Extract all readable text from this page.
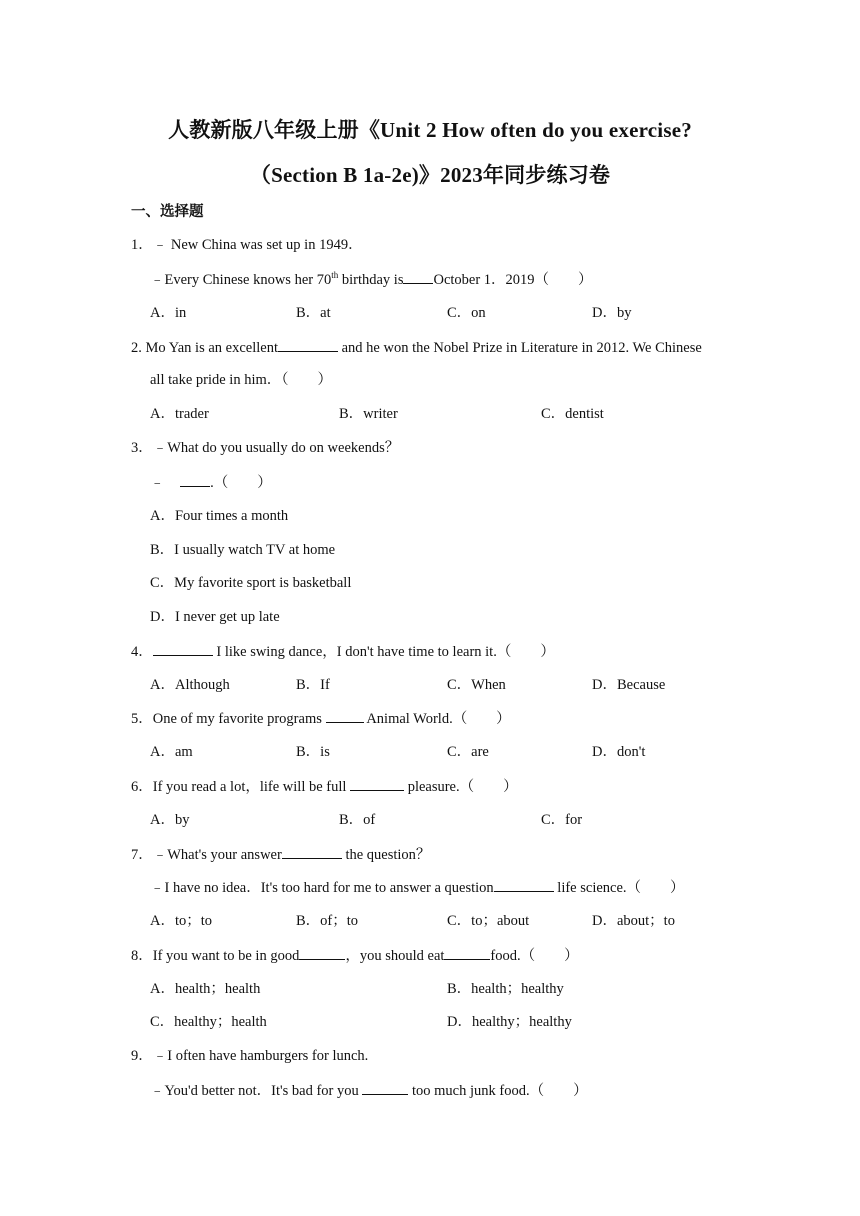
人教新版八年级上册《Unit 2 How often do you exercise?
（Section B 1a-2e)》2023年同步练习卷
一、选择题
1．﹣ New China was set up in 1949．
﹣Every Chinese knows her 70th birthday is October 1．2019（　　）
A．in	B．at	C．on	D．by
2. Mo Yan is an excellent	and he won the Nobel Prize in Literature in 2012. We Chinese
all take pride in him．（　　）
A．trader	B．writer	C．dentist
3．﹣What do you usually do on weekends？
﹣	.（　　）
A．Four times a month
B．I usually watch TV at home
C．My favorite sport is basketball
D．I never get up late
4．	I like swing dance，I don't have time to learn it.（　　）
A．Although	B．If	C．When	D．Because
5．One of my favorite programs	Animal World.（　　）
A．am	B．is	C．are	D．don't
6．If you read a lot，life will be full	pleasure.（　　）
A．by	B．of	C．for
7．﹣What's your answer	the question？
﹣I have no idea．It's too hard for me to answer a question	life science.（　　）
A．to；to	B．of；to	C．to；about	D．about；to
8．If you want to be in good	，you should eat	food.（　　）
A．health；health	B．health；healthy
C．healthy；health	D．healthy；healthy
9．﹣I often have hamburgers for lunch.
﹣You'd better not．It's bad for you	too much junk food.（　　）
